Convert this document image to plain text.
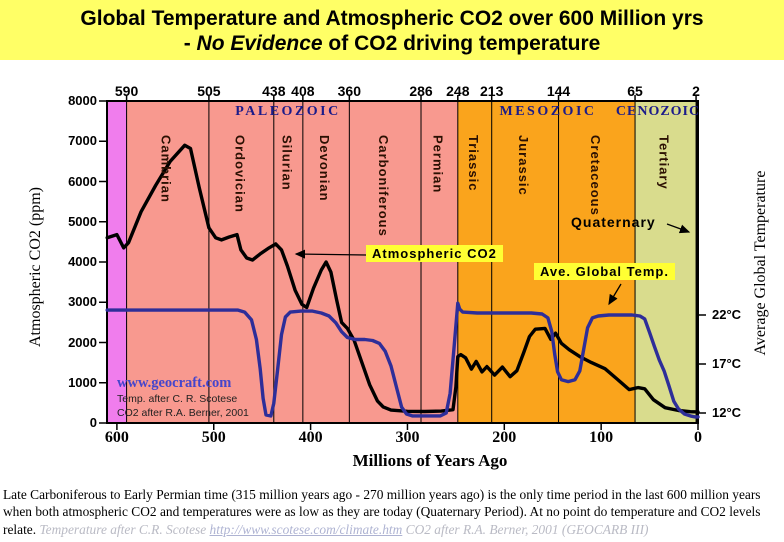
Global Temperature and Atmospheric CO2 over 600 Million yrs
- No Evidence of CO2 driving temperature
PALEOZOIC	MESOZOIC CENOZOIC
Atmospheric CO2 (ppm)	Average Global Temperature
Millions of Years Ago
Atmospheric CO2
Ave. Global Temp.
Quaternary
www.geocraft.com
Temp. after C. R. Scotese
CO2 after R.A. Berner, 2001
590	505	438 408 360	286 248 213	144	65	2
8000
7000
6000
5000
4000
3000
2000
1000
0
600	500	400	300	200	100	0
22°C
17°C
12°C
Cambrian	Ordovician Silurian Devonian	Carboniferous	Permian Triassic	Jurassic	Cretaceous	Tertiary
Late Carboniferous to Early Permian time (315 million years ago - 270 million years ago) is the only time period in the last 600 million years when both atmospheric CO2 and temperatures were as low as they are today (Quaternary Period). At no point do temperature and CO2 levels relate. Temperature after C.R. Scotese http://www.scotese.com/climate.htm CO2 after R.A. Berner, 2001 (GEOCARB III)
